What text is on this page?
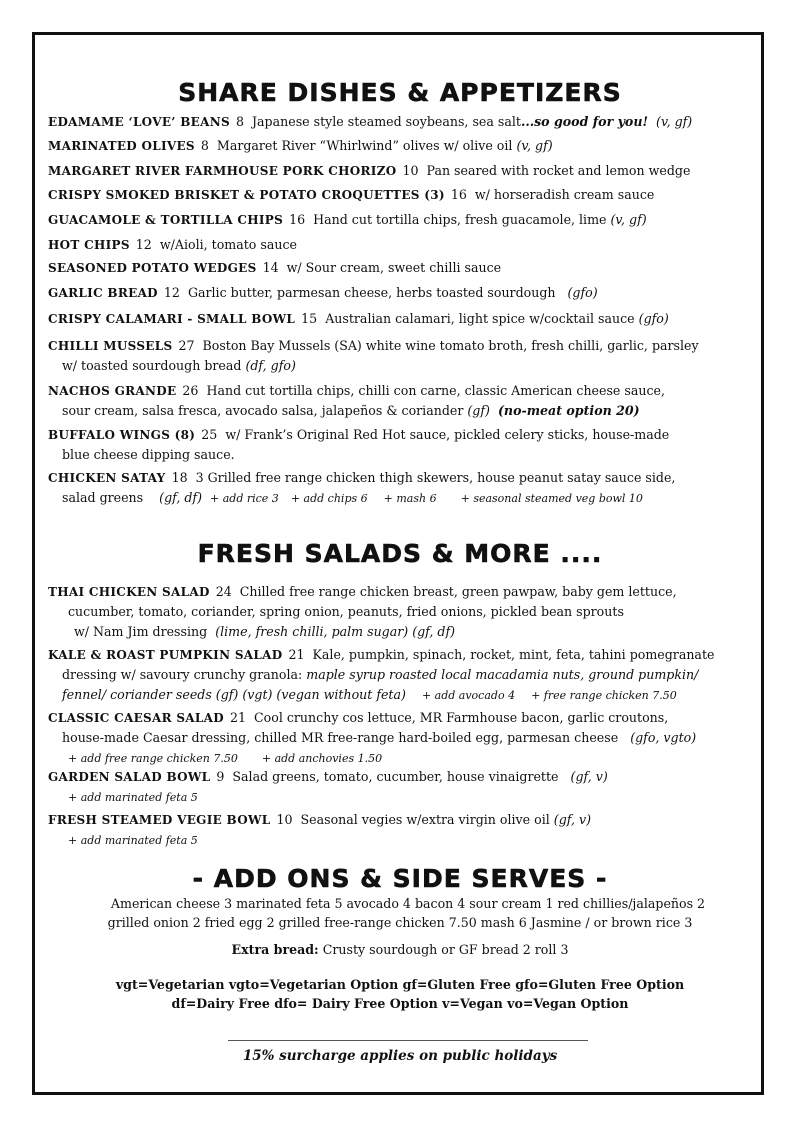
SHARE DISHES & APPETIZERS
EDAMAME ‘LOVE’ BEANS 8 Japanese style steamed soybeans, sea salt...so good for you! (v, gf)
MARINATED OLIVES 8 Margaret River “Whirlwind” olives w/ olive oil (v, gf)
MARGARET RIVER FARMHOUSE PORK CHORIZO 10 Pan seared with rocket and lemon wedge
CRISPY SMOKED BRISKET & POTATO CROQUETTES (3) 16 w/ horseradish cream sauce
GUACAMOLE & TORTILLA CHIPS 16 Hand cut tortilla chips, fresh guacamole, lime (v, gf)
HOT CHIPS 12 w/Aioli, tomato sauce
SEASONED POTATO WEDGES 14 w/ Sour cream, sweet chilli sauce
GARLIC BREAD 12 Garlic butter, parmesan cheese, herbs toasted sourdough (gfo)
CRISPY CALAMARI - SMALL BOWL 15 Australian calamari, light spice w/cocktail sauce (gfo)
CHILLI MUSSELS 27 Boston Bay Mussels (SA) white wine tomato broth, fresh chilli, garlic, parsley
w/ toasted sourdough bread (df, gfo)
NACHOS GRANDE 26 Hand cut tortilla chips, chilli con carne, classic American cheese sauce,
sour cream, salsa fresca, avocado salsa, jalapeños & coriander (gf) (no-meat option 20)
BUFFALO WINGS (8) 25 w/ Frank’s Original Red Hot sauce, pickled celery sticks, house-made
blue cheese dipping sauce.
CHICKEN SATAY 18 3 Grilled free range chicken thigh skewers, house peanut satay sauce side,
salad greens (gf, df) + add rice 3 + add chips 6 + mash 6 + seasonal steamed veg bowl 10
FRESH SALADS & MORE ....
THAI CHICKEN SALAD 24 Chilled free range chicken breast, green pawpaw, baby gem lettuce,
cucumber, tomato, coriander, spring onion, peanuts, fried onions, pickled bean sprouts
w/ Nam Jim dressing (lime, fresh chilli, palm sugar) (gf, df)
KALE & ROAST PUMPKIN SALAD 21 Kale, pumpkin, spinach, rocket, mint, feta, tahini pomegranate
dressing w/ savoury crunchy granola: maple syrup roasted local macadamia nuts, ground pumpkin/
fennel/ coriander seeds (gf) (vgt) (vegan without feta) + add avocado 4 + free range chicken 7.50
CLASSIC CAESAR SALAD 21 Cool crunchy cos lettuce, MR Farmhouse bacon, garlic croutons,
house-made Caesar dressing, chilled MR free-range hard-boiled egg, parmesan cheese (gfo, vgto)
+ add free range chicken 7.50 + add anchovies 1.50
GARDEN SALAD BOWL 9 Salad greens, tomato, cucumber, house vinaigrette (gf, v)
+ add marinated feta 5
FRESH STEAMED VEGIE BOWL 10 Seasonal vegies w/extra virgin olive oil (gf, v)
+ add marinated feta 5
- ADD ONS & SIDE SERVES -
American cheese 3 marinated feta 5 avocado 4 bacon 4 sour cream 1 red chillies/jalapeños 2
grilled onion 2 fried egg 2 grilled free-range chicken 7.50 mash 6 Jasmine / or brown rice 3
Extra bread: Crusty sourdough or GF bread 2 roll 3
vgt=Vegetarian vgto=Vegetarian Option gf=Gluten Free gfo=Gluten Free Option
df=Dairy Free dfo= Dairy Free Option v=Vegan vo=Vegan Option
15% surcharge applies on public holidays
